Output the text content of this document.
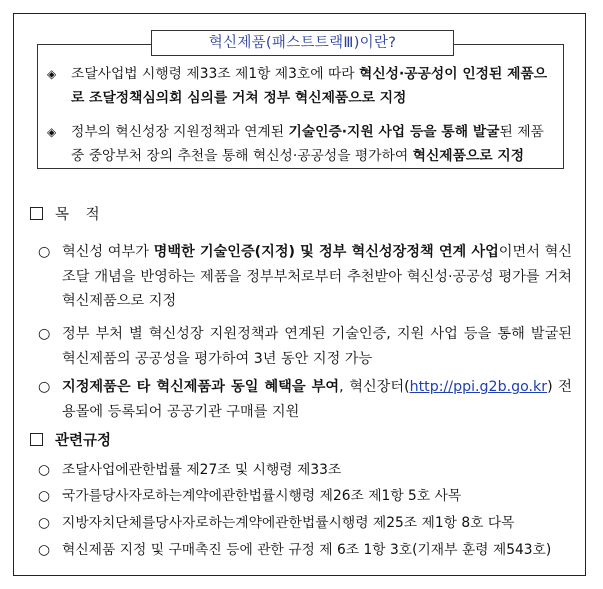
혁신제품(패스트트랙Ⅲ)이란?
◈ 조달사업법 시행령 제33조 제1항 제3호에 따라 혁신성·공공성이 인정된 제품으로 조달정책심의회 심의를 거쳐 정부 혁신제품으로 지정
◈ 정부의 혁신성장 지원정책과 연계된 기술인증·지원 사업 등을 통해 발굴된 제품 중 중앙부처 장의 추천을 통해 혁신성·공공성을 평가하여 혁신제품으로 지정
목 적
○ 혁신성 여부가 명백한 기술인증(지정) 및 정부 혁신성장정책 연계 사업이면서 혁신조달 개념을 반영하는 제품을 정부부처로부터 추천받아 혁신성·공공성 평가를 거쳐 혁신제품으로 지정
○ 정부 부처 별 혁신성장 지원정책과 연계된 기술인증, 지원 사업 등을 통해 발굴된 혁신제품의 공공성을 평가하여 3년 동안 지정 가능
○ 지정제품은 타 혁신제품과 동일 혜택을 부여, 혁신장터(http://ppi.g2b.go.kr) 전용몰에 등록되어 공공기관 구매를 지원
관련규정
○ 조달사업에관한법률 제27조 및 시행령 제33조
○ 국가를당사자로하는계약에관한법률시행령 제26조 제1항 5호 사목
○ 지방자치단체를당사자로하는계약에관한법률시행령 제25조 제1항 8호 다목
○ 혁신제품 지정 및 구매촉진 등에 관한 규정 제 6조 1항 3호(기재부 훈령 제543호)
